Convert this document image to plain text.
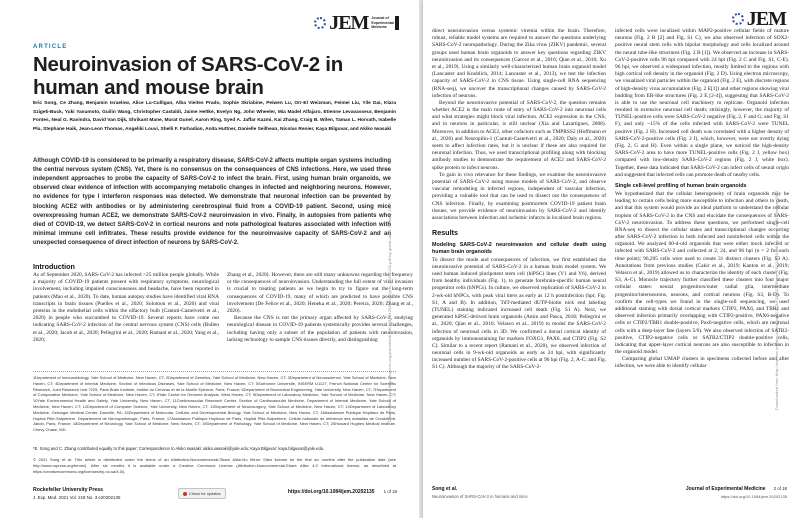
JEM Journal of
Experimental
Medicine
ARTICLE
Neuroinvasion of SARS-CoV-2 in human and mouse brain
Eric Song, Ce Zhang, Benjamin Israelow, Alice Lu-Culligan, Alba Vieites Prado, Sophie Skriabine, Peiwen Lu, Orr-El Weizman, Feimei Liu, Yile Dai, Klara Szigeti-Buck, Yuki Yasumoto, Guilin Wang, Christopher Castaldi, Jaime Heltke, Evelyn Ng, John Wheeler, Mia Madel Alfajaro, Etienne Levavasseur, Benjamin Fontes, Neal G. Ravindra, David Van Dijk, Shrikant Mane, Murat Gunel, Aaron Ring, Syed A. Jaffar Kazmi, Kai Zhang, Craig B. Wilen, Tamas L. Horvath, Isabelle Plu, Stephane Haik, Jean-Leon Thomas, Angeliki Louvi, Shelli F. Farhadian, Anita Huttner, Danielle Seilhean, Nicolas Renier, Kaya Bilguvar, and Akiko Iwasaki
Although COVID-19 is considered to be primarily a respiratory disease, SARS-CoV-2 affects multiple organ systems including the central nervous system (CNS). Yet, there is no consensus on the consequences of CNS infections. Here, we used three independent approaches to probe the capacity of SARS-CoV-2 to infect the brain. First, using human brain organoids, we observed clear evidence of infection with accompanying metabolic changes in infected and neighboring neurons. However, no evidence for type I interferon responses was detected. We demonstrate that neuronal infection can be prevented by blocking ACE2 with antibodies or by administering cerebrospinal fluid from a COVID-19 patient. Second, using mice overexpressing human ACE2, we demonstrate SARS-CoV-2 neuroinvasion in vivo. Finally, in autopsies from patients who died of COVID-19, we detect SARS-CoV-2 in cortical neurons and note pathological features associated with infection with minimal immune cell infiltrates. These results provide evidence for the neuroinvasive capacity of SARS-CoV-2 and an unexpected consequence of direct infection of neurons by SARS-CoV-2.
Introduction

As of September 2020, SARS-CoV-2 has infected >25 million people globally. While a majority of COVID-19 patients present with respiratory symptoms, neurological involvement, including impaired consciousness and headache, have been reported in patients (Mao et al., 2020). To date, human autopsy studies have identified viral RNA transcripts in brain tissues (Puelles et al., 2020; Solomon et al., 2020) and viral proteins in the endothelial cells within the olfactory bulb (Cantuti-Castelvetri et al., 2020) in people who succumbed to COVID-19. Several reports have come out indicating SARS-CoV-2 infection of the central nervous system (CNS) cells (Bullen et al., 2020; Jacob et al., 2020; Pellegrini et al., 2020; Ramani et al., 2020; Yang et al., 2020;

Zhang et al., 2020). However, there are still many unknowns regarding the frequency or the consequences of neuroinvasion. Understanding the full extent of viral invasion is crucial to treating patients as we begin to try to figure out the long-term consequences of COVID-19, many of which are predicted to have possible CNS involvement (De Felice et al., 2020; Heneka et al., 2020; Pereira, 2020; Zhang et al., 2020).

Because the CNS is not the primary organ affected by SARS-CoV-2, studying neurological disease in COVID-19 patients systemically provides several challenges, including having only a subset of the population of patients with neuroinvasion, lacking technology to sample CNS tissues directly, and distinguishing

1Department of Immunobiology, Yale School of Medicine, New Haven, CT; 2Department of Genetics, Yale School of Medicine, New Haven, CT; 3Department of Neuroscience, Yale School of Medicine, New Haven, CT; 4Department of Internal Medicine, Section of Infectious Diseases, Yale School of Medicine, New Haven, CT; 5Sorbonne Universite, INSERM U1127, French National Center for Scientific Research, Joint Research Unit 7225, Paris Brain Institute, Institut du Cerveau et de la Moelle Epiniere, Paris, France; 6Department of Biomedical Engineering, Yale University, New Haven, CT; 7Department of Comparative Medicine, Yale School of Medicine, New Haven, CT; 8Yale Center for Genome Analysis, West Haven, CT; 9Department of Laboratory Medicine, Yale School of Medicine, New Haven, CT; 10Yale Environmental Health and Safety, Yale University, New Haven, CT; 11Cardiovascular Research Center, Section of Cardiovascular Medicine, Department of Internal Medicine, Yale School of Medicine, New Haven, CT; 12Department of Computer Science, Yale University, New Haven, CT; 13Department of Neurosurgery, Yale School of Medicine, New Haven, CT; 14Department of Laboratory Medicine, Geisinger Medical Center, Danville, PA; 15Department of Molecular, Cellular, and Developmental Biology, Yale School of Medicine, New Haven, CT; 16Assistance Publique Hopitaux de Paris, Hopital Pitie-Salpetriere, Departement de Neuropathologie, Paris, France; 17Assistance Publique Hopitaux de Paris, Hopital Pitie-Salpetriere, Cellule nationale de reference des maladies de Creutzfeldt-Jakob, Paris, France; 18Department of Neurology, Yale School of Medicine, New Haven, CT; 19Department of Pathology, Yale School of Medicine, New Haven, CT; 20Howard Hughes Medical Institute, Chevy Chase, MD.
*E. Song and C. Zhang contributed equally to this paper; Correspondence to Akiko Iwasaki: akiko.iwasaki@yale.edu; Kaya Bilguvar: kaya.bilguvar@yale.edu.
© 2021 Song et al. This article is distributed under the terms of an Attribution-Noncommercial-Share Alike-No Mirror Sites license for the first six months after the publication date (see http://www.rupress.org/terms/). After six months it is available under a Creative Commons License (Attribution-Noncommercial-Share Alike 4.0 International license, as described at https://creativecommons.org/licenses/by-nc-sa/4.0/).
Rockefeller University Press
J. Exp. Med. 2021 Vol. 218 No. 3 e20202135
Check for updates	https://doi.org/10.1084/jem.20202135 1 of 18
Downloaded from http://rupress.org/jem/article-pdf/218/3/e20202135/jem_20202135.pdf by guest on 21 January 2021
JEM

direct neuroinvasion versus systemic viremia within the brain. Therefore, robust, reliable model systems are required to answer the questions underlying SARS-CoV-2 neuropathology. During the Zika virus (ZIKV) pandemic, several groups used human brain organoids to answer key questions regarding ZIKV neuroinvasion and its consequences (Garcez et al., 2016; Qian et al., 2016; Xu et al., 2019). Using a similarly well-characterized human brain organoid model (Lancaster and Knoblich, 2014; Lancaster et al., 2013), we test the infection capacity of SARS-CoV-2 in CNS tissue. Using single-cell RNA sequencing (RNA-seq), we uncover the transcriptional changes caused by SARS-CoV-2 infection of neurons.

Beyond the neuroinvasive potential of SARS-CoV-2, the question remains whether ACE2 is the main route of entry of SARS-CoV-2 into neuronal cells and what strategies might block viral infection. ACE2 expression in the CNS, and in neurons in particular, is still unclear (Xia and Lazartigues, 2008). Moreover, in addition to ACE2, other cofactors such as TMPRSS2 (Hoffmann et al., 2020) and Neuropilin-1 (Cantuti-Castelvetri et al., 2020; Daly et al., 2020) seem to affect infection rates, but it is unclear if these are also required for neuronal infection. Thus, we used transcriptional profiling along with blocking antibody studies to demonstrate the requirement of ACE2 and SARS-CoV-2 spike protein to infect neurons.

To gain in vivo relevance for these findings, we examine the neuroinvasive potential of SARS-CoV-2 using mouse models of SARS-CoV-2, and observe vascular remodeling in infected regions, independent of vascular infection, providing a valuable tool that can be used to dissect out the consequences of CNS infection. Finally, by examining postmortem COVID-19 patient brain tissues, we provide evidence of neuroinvasion by SARS-CoV-2 and identify associations between infection and ischemic infarcts in localized brain regions.

Results
Modeling SARS-CoV-2 neuroinvasion and cellular death using human brain organoids

To dissect the mode and consequences of infection, we first established the neuroinvasive potential of SARS-CoV-2 in a human brain model system. We used human induced pluripotent stem cell (hiPSC) lines (Y1 and Y6), derived from healthy individuals (Fig. 1), to generate forebrain-specific human neural progenitor cells (hNPCs). In culture, we observed replication of SARS-CoV-2 in 2-wk-old hNPCs, with peak viral titers as early as 12 h postinfection (hpi; Fig. S1, A and B). In addition, TdT-mediated dUTP-biotin nick end labeling (TUNEL) staining indicated increased cell death (Fig. S1 A). Next, we generated hiPSC-derived brain organoids (Amin and Pasca, 2018; Pellegrini et al., 2020; Qian et al., 2016; Velasco et al., 2019) to model the SARS-CoV-2 infection of neuronal cells in 3D. We confirmed a dorsal cortical identity of organoids by immunostaining for markers FOXG1, PAX6, and CTIP2 (Fig. S2 C). Similar to a recent report (Ramani et al., 2020), we observed infection of neuronal cells in 9-wk-old organoids as early as 24 hpi, with significantly increased number of SARS-CoV-2-positive cells at 96 hpi (Fig. 2, A-C; and Fig. S1 C). Although the majority of the SARS-CoV-2-

infected cells were localized within MAP2-positive cellular fields of mature neurons (Fig. 2 B [2] and Fig. S1 C), we also observed infection of SOX2-positive neural stem cells with bipolar morphology and cells localized around the neural tube-like structures (Fig. 2 B [1]). We observed an increase in SARS-CoV-2-positive cells 96 hpi compared with 24 hpi (Fig. 2 C and Fig. S1, C-E). 96 hpi, we observed a widespread infection, mostly limited to the regions with high cortical cell density in the organoid (Fig. 2 D). Using electron microscopy, we visualized viral particles within the organoid (Fig. 2 E), with discrete regions of high-density virus accumulation (Fig. 2 E[1]) and other regions showing viral budding from ER-like structures (Fig. 2 E [2-4]), suggesting that SARS-CoV-2 is able to use the neuronal cell machinery to replicate. Organoid infection resulted in extensive neuronal cell death; strikingly, however, the majority of TUNEL-positive cells were SARS-CoV-2 negative (Fig. 2, F and G; and Fig. S1 F), and only ~15% of the cells infected with SARS-CoV-2 were TUNEL positive (Fig. 2 H). Increased cell death was correlated with a higher density of SARS-CoV-2-positive cells (Fig. 2 I), which, however, were not overtly dying (Fig. 2, G and H). Even within a single plane, we noticed the high-density SARS-CoV-2 area to have more TUNEL-positive cells (Fig. 2 J, yellow box) compared with low-density SARS-CoV-2 regions (Fig. 2 J, white box). Together, these data indicated that SARS-CoV-2 can infect cells of neural origin and suggested that infected cells can promote death of nearby cells.

Single cell-level profiling of human brain organoids

We hypothesized that the cellular heterogeneity of brain organoids may be leading to certain cells being more susceptible to infection and others to death, and that this system would provide an ideal platform to understand the cellular tropism of SARS-CoV-2 in the CNS and elucidate the consequences of SARS-CoV-2 neuroinvasion. To address these questions, we performed single-cell RNA-seq to dissect the cellular states and transcriptional changes occurring after SARS-CoV-2 infection in both infected and noninfected cells within the organoid. We analyzed 60-d-old organoids that were either mock infected or infected with SARS-CoV-2 and collected at 2, 24, and 96 hpi (n = 2 for each time point); 96,205 cells were used to create 31 distinct clusters (Fig. S3 A). Annotations from previous studies (Cakir et al., 2019; Kanton et al., 2019; Velasco et al., 2019) allowed us to characterize the identity of each cluster (Fig. S3, A-C). Monocle trajectory further classified these clusters into four major cellular states: neural progenitors/outer radial glia, intermediate progenitor/interneurons, neurons, and cortical neurons (Fig. S3, B-D). To confirm the cell-types we found in the single-cell sequencing, we used additional staining with dorsal cortical markers CTIP2, PAX6, and TBR1 and observed infection primarily overlapping with CTIP2-positive, PAX6-negative cells or CTIP2/TBR1 double-positive, Pax6-negative cells, which are neuronal cells with a deep-layer fate (layers 5/6). We also observed infection of SATB2-positive, CTIP2-negative cells or SATB2/CTIP2 double-positive cells, indicating that upper-layer cortical neurons are also susceptible to infection in the organoid model.

Comparing global UMAP clusters in specimens collected before and after infection, we were able to identify cellular

Song et al.
Neuroinvasion of SARS-CoV-2 in humans and mice
Journal of Experimental Medicine 2 of 18
https://doi.org/10.1084/jem.20202135
Downloaded from http://rupress.org/jem/article-pdf/218/3/e20202135/jem_20202135.pdf by guest on 21 January 2021
